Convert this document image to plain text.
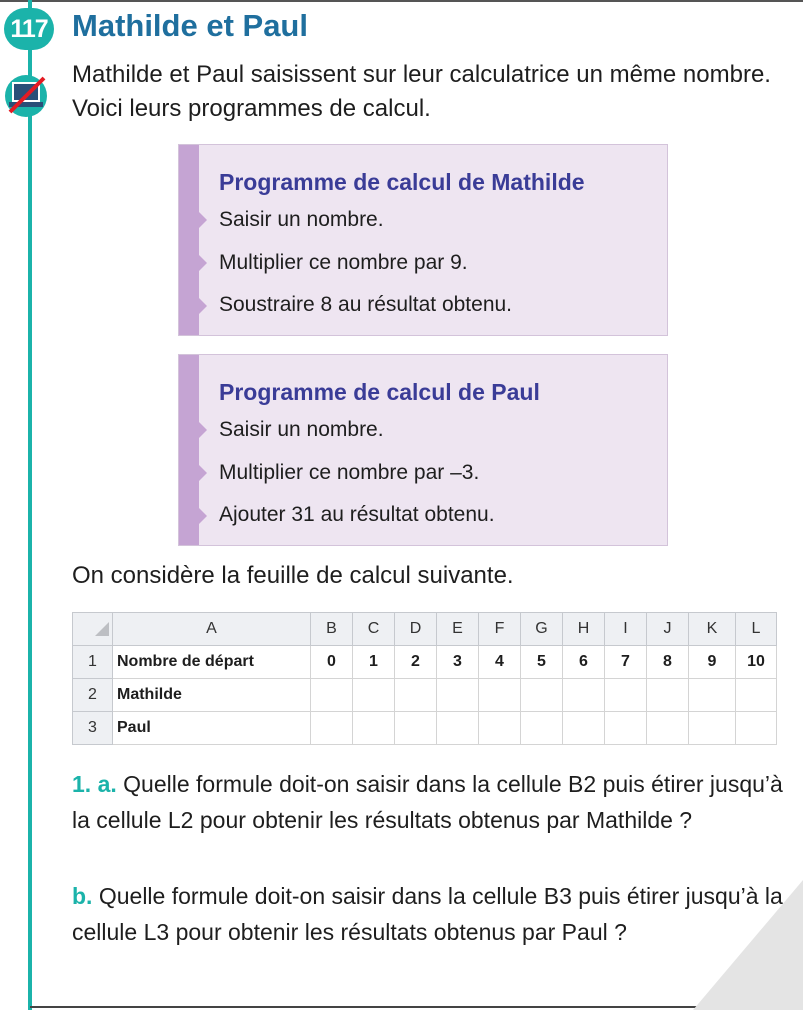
117 Mathilde et Paul
Mathilde et Paul saisissent sur leur calculatrice un même nombre. Voici leurs programmes de calcul.
Programme de calcul de Mathilde
Saisir un nombre.
Multiplier ce nombre par 9.
Soustraire 8 au résultat obtenu.
Programme de calcul de Paul
Saisir un nombre.
Multiplier ce nombre par –3.
Ajouter 31 au résultat obtenu.
On considère la feuille de calcul suivante.
	A	B	C	D	E	F	G	H	I	J	K	L
1	Nombre de départ	0	1	2	3	4	5	6	7	8	9	10
2	Mathilde											
3	Paul											
1. a. Quelle formule doit-on saisir dans la cellule B2 puis étirer jusqu’à la cellule L2 pour obtenir les résultats obtenus par Mathilde ?
b. Quelle formule doit-on saisir dans la cellule B3 puis étirer jusqu’à la cellule L3 pour obtenir les résultats obtenus par Paul ?
